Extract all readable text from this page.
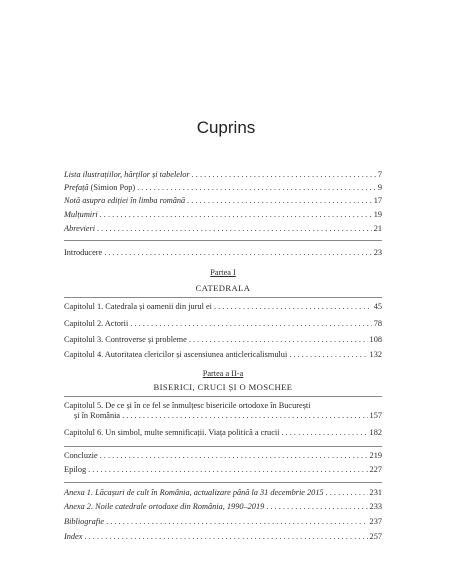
Cuprins
Lista ilustrațiilor, hărților și tabelelor . . .	7
Prefață (Simion Pop) . . .	9
Notă asupra ediției în limba română . . .	17
Mulțumiri . . .	19
Abrevieri . . .	21
Introducere . . .	23
Partea I
CATEDRALA
Capitolul 1. Catedrala și oamenii din jurul ei . . .	45
Capitolul 2. Actorii . . .	78
Capitolul 3. Controverse și probleme . . .	108
Capitolul 4. Autoritatea clericilor și ascensiunea anticlericalismului . . .	132
Partea a II-a
BISERICI, CRUCI ȘI O MOSCHEE
Capitolul 5. De ce și în ce fel se înmulțesc bisericile ortodoxe în București
și în România . . .	157
Capitolul 6. Un simbol, multe semnificații. Viața politică a crucii . . .	182
Concluzie . . .	219
Epilog . . .	227
Anexa 1. Lăcașuri de cult în România, actualizare până la 31 decembrie 2015 . . .	231
Anexa 2. Noile catedrale ortodoxe din România, 1990–2019 . . .	233
Bibliografie . . .	237
Index . . .	257
